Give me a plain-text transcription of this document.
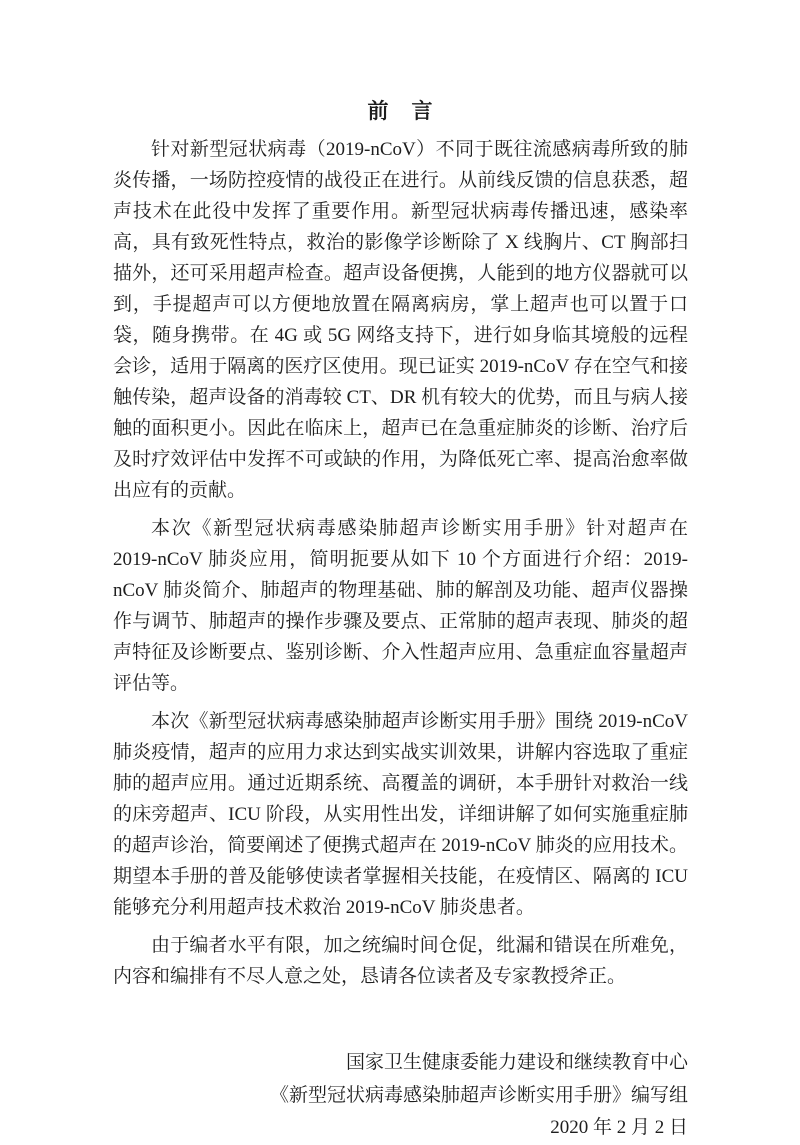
前　言

针对新型冠状病毒（2019-nCoV）不同于既往流感病毒所致的肺炎传播，一场防控疫情的战役正在进行。从前线反馈的信息获悉，超声技术在此役中发挥了重要作用。新型冠状病毒传播迅速，感染率高，具有致死性特点，救治的影像学诊断除了 X 线胸片、CT 胸部扫描外，还可采用超声检查。超声设备便携，人能到的地方仪器就可以到，手提超声可以方便地放置在隔离病房，掌上超声也可以置于口袋，随身携带。在 4G 或 5G 网络支持下，进行如身临其境般的远程会诊，适用于隔离的医疗区使用。现已证实 2019-nCoV 存在空气和接触传染，超声设备的消毒较 CT、DR 机有较大的优势，而且与病人接触的面积更小。因此在临床上，超声已在急重症肺炎的诊断、治疗后及时疗效评估中发挥不可或缺的作用，为降低死亡率、提高治愈率做出应有的贡献。

本次《新型冠状病毒感染肺超声诊断实用手册》针对超声在 2019-nCoV 肺炎应用，简明扼要从如下 10 个方面进行介绍：2019-nCoV 肺炎简介、肺超声的物理基础、肺的解剖及功能、超声仪器操作与调节、肺超声的操作步骤及要点、正常肺的超声表现、肺炎的超声特征及诊断要点、鉴别诊断、介入性超声应用、急重症血容量超声评估等。

本次《新型冠状病毒感染肺超声诊断实用手册》围绕 2019-nCoV 肺炎疫情，超声的应用力求达到实战实训效果，讲解内容选取了重症肺的超声应用。通过近期系统、高覆盖的调研，本手册针对救治一线的床旁超声、ICU 阶段，从实用性出发，详细讲解了如何实施重症肺的超声诊治，简要阐述了便携式超声在 2019-nCoV 肺炎的应用技术。期望本手册的普及能够使读者掌握相关技能，在疫情区、隔离的 ICU 能够充分利用超声技术救治 2019-nCoV 肺炎患者。

由于编者水平有限，加之统编时间仓促，纰漏和错误在所难免，内容和编排有不尽人意之处，恳请各位读者及专家教授斧正。

国家卫生健康委能力建设和继续教育中心
《新型冠状病毒感染肺超声诊断实用手册》编写组
2020 年 2 月 2 日
